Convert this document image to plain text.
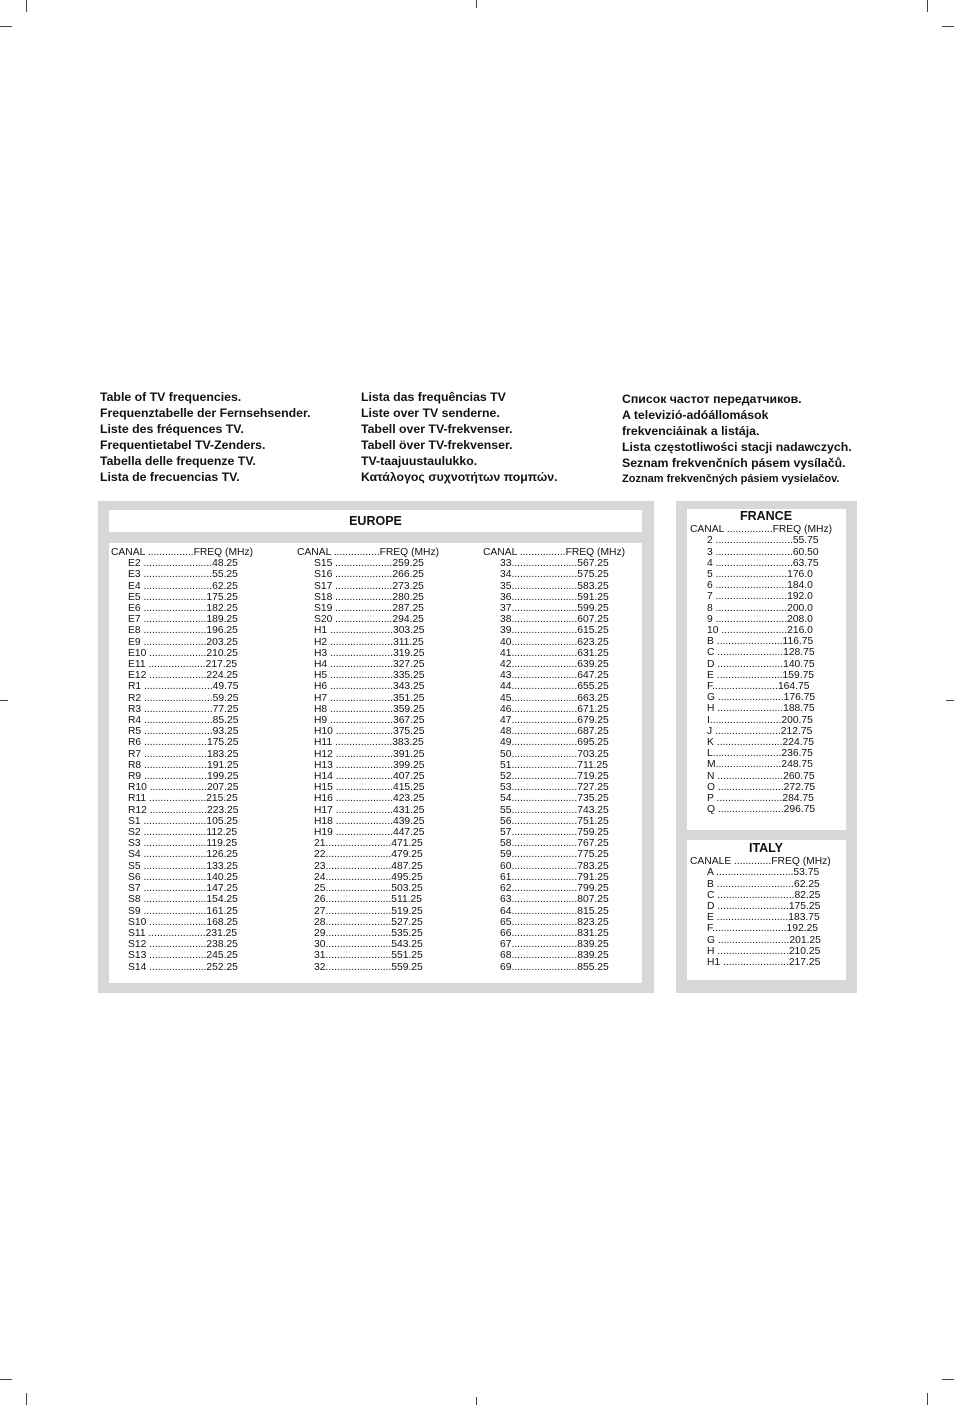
Table of TV frequencies.
Frequenztabelle der Fernsehsender.
Liste des fréquences TV.
Frequentietabel TV-Zenders.
Tabella delle frequenze TV.
Lista de frecuencias TV.
Lista das frequências TV
Liste over TV senderne.
Tabell over TV-frekvenser.
Tabell över TV-frekvenser.
TV-taajuustaulukko.
Κατάλογος συχνοτήτων πομπών.
Список частот передатчиков.
A televizió-adóállomások
frekvenciáinak a listája.
Lista częstotliwości stacji nadawczych.
Seznam frekvenčních pásem vysílačů.
Zoznam frekvenčných pásiem vysielačov.
EUROPE
CANAL ................FREQ (MHz)
E2 ........................48.25
E3 ........................55.25
E4 ........................62.25
E5 ......................175.25
E6 ......................182.25
E7 ......................189.25
E8 ......................196.25
E9 ......................203.25
E10 ....................210.25
E11 ....................217.25
E12 ....................224.25
R1 ........................49.75
R2 ........................59.25
R3 ........................77.25
R4 ........................85.25
R5 ........................93.25
R6 ......................175.25
R7 ......................183.25
R8 ......................191.25
R9 ......................199.25
R10 ....................207.25
R11 ....................215.25
R12 ....................223.25
S1 ......................105.25
S2 ......................112.25
S3 ......................119.25
S4 ......................126.25
S5 ......................133.25
S6 ......................140.25
S7 ......................147.25
S8 ......................154.25
S9 ......................161.25
S10 ....................168.25
S11 ....................231.25
S12 ....................238.25
S13 ....................245.25
S14 ....................252.25
CANAL ................FREQ (MHz)
S15 ....................259.25
S16 ....................266.25
S17 ....................273.25
S18 ....................280.25
S19 ....................287.25
S20 ....................294.25
H1 ......................303.25
H2 ......................311.25
H3 ......................319.25
H4 ......................327.25
H5 ......................335.25
H6 ......................343.25
H7 ......................351.25
H8 ......................359.25
H9 ......................367.25
H10 ....................375.25
H11 ....................383.25
H12 ....................391.25
H13 ....................399.25
H14 ....................407.25
H15 ....................415.25
H16 ....................423.25
H17 ....................431.25
H18 ....................439.25
H19 ....................447.25
21.......................471.25
22.......................479.25
23.......................487.25
24.......................495.25
25.......................503.25
26.......................511.25
27.......................519.25
28.......................527.25
29.......................535.25
30.......................543.25
31.......................551.25
32.......................559.25
CANAL ................FREQ (MHz)
33.......................567.25
34.......................575.25
35.......................583.25
36.......................591.25
37.......................599.25
38.......................607.25
39.......................615.25
40.......................623.25
41.......................631.25
42.......................639.25
43.......................647.25
44.......................655.25
45.......................663.25
46.......................671.25
47.......................679.25
48.......................687.25
49.......................695.25
50.......................703.25
51.......................711.25
52.......................719.25
53.......................727.25
54.......................735.25
55.......................743.25
56.......................751.25
57.......................759.25
58.......................767.25
59.......................775.25
60.......................783.25
61.......................791.25
62.......................799.25
63.......................807.25
64.......................815.25
65.......................823.25
66.......................831.25
67.......................839.25
68.......................839.25
69.......................855.25
FRANCE
CANAL ................FREQ (MHz)
2 ...........................55.75
3 ...........................60.50
4 ...........................63.75
5 .........................176.0
6 .........................184.0
7 .........................192.0
8 .........................200.0
9 .........................208.0
10 .......................216.0
B .......................116.75
C .......................128.75
D .......................140.75
E .......................159.75
F.......................164.75
G .......................176.75
H .......................188.75
I.........................200.75
J .......................212.75
K .......................224.75
L........................236.75
M.......................248.75
N .......................260.75
O .......................272.75
P .......................284.75
Q .......................296.75
ITALY
CANALE .............FREQ (MHz)
A ...........................53.75
B ...........................62.25
C ...........................82.25
D .........................175.25
E .........................183.75
F..........................192.25
G .........................201.25
H .........................210.25
H1 .......................217.25
